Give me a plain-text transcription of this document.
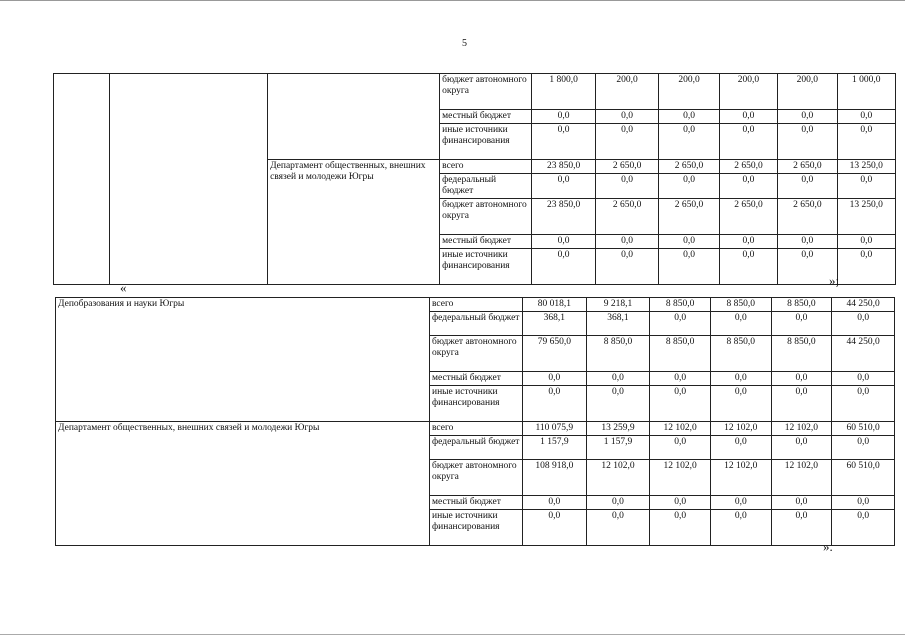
5
			бюджет автономного округа	1 800,0	200,0	200,0	200,0	200,0	1 000,0
			местный бюджет	0,0	0,0	0,0	0,0	0,0	0,0
			иные источники финансирования	0,0	0,0	0,0	0,0	0,0	0,0
		Департамент общественных, внешних связей и молодежи Югры	всего	23 850,0	2 650,0	2 650,0	2 650,0	2 650,0	13 250,0
			федеральный бюджет	0,0	0,0	0,0	0,0	0,0	0,0
			бюджет автономного округа	23 850,0	2 650,0	2 650,0	2 650,0	2 650,0	13 250,0
			местный бюджет	0,0	0,0	0,0	0,0	0,0	0,0
			иные источники финансирования	0,0	0,0	0,0	0,0	0,0	0,0
«	»;
Депобразования и науки Югры	всего	80 018,1	9 218,1	8 850,0	8 850,0	8 850,0	44 250,0
	федеральный бюджет	368,1	368,1	0,0	0,0	0,0	0,0
	бюджет автономного округа	79 650,0	8 850,0	8 850,0	8 850,0	8 850,0	44 250,0
	местный бюджет	0,0	0,0	0,0	0,0	0,0	0,0
	иные источники финансирования	0,0	0,0	0,0	0,0	0,0	0,0
Департамент общественных, внешних связей и молодежи Югры	всего	110 075,9	13 259,9	12 102,0	12 102,0	12 102,0	60 510,0
	федеральный бюджет	1 157,9	1 157,9	0,0	0,0	0,0	0,0
	бюджет автономного округа	108 918,0	12 102,0	12 102,0	12 102,0	12 102,0	60 510,0
	местный бюджет	0,0	0,0	0,0	0,0	0,0	0,0
	иные источники финансирования	0,0	0,0	0,0	0,0	0,0	0,0
».
